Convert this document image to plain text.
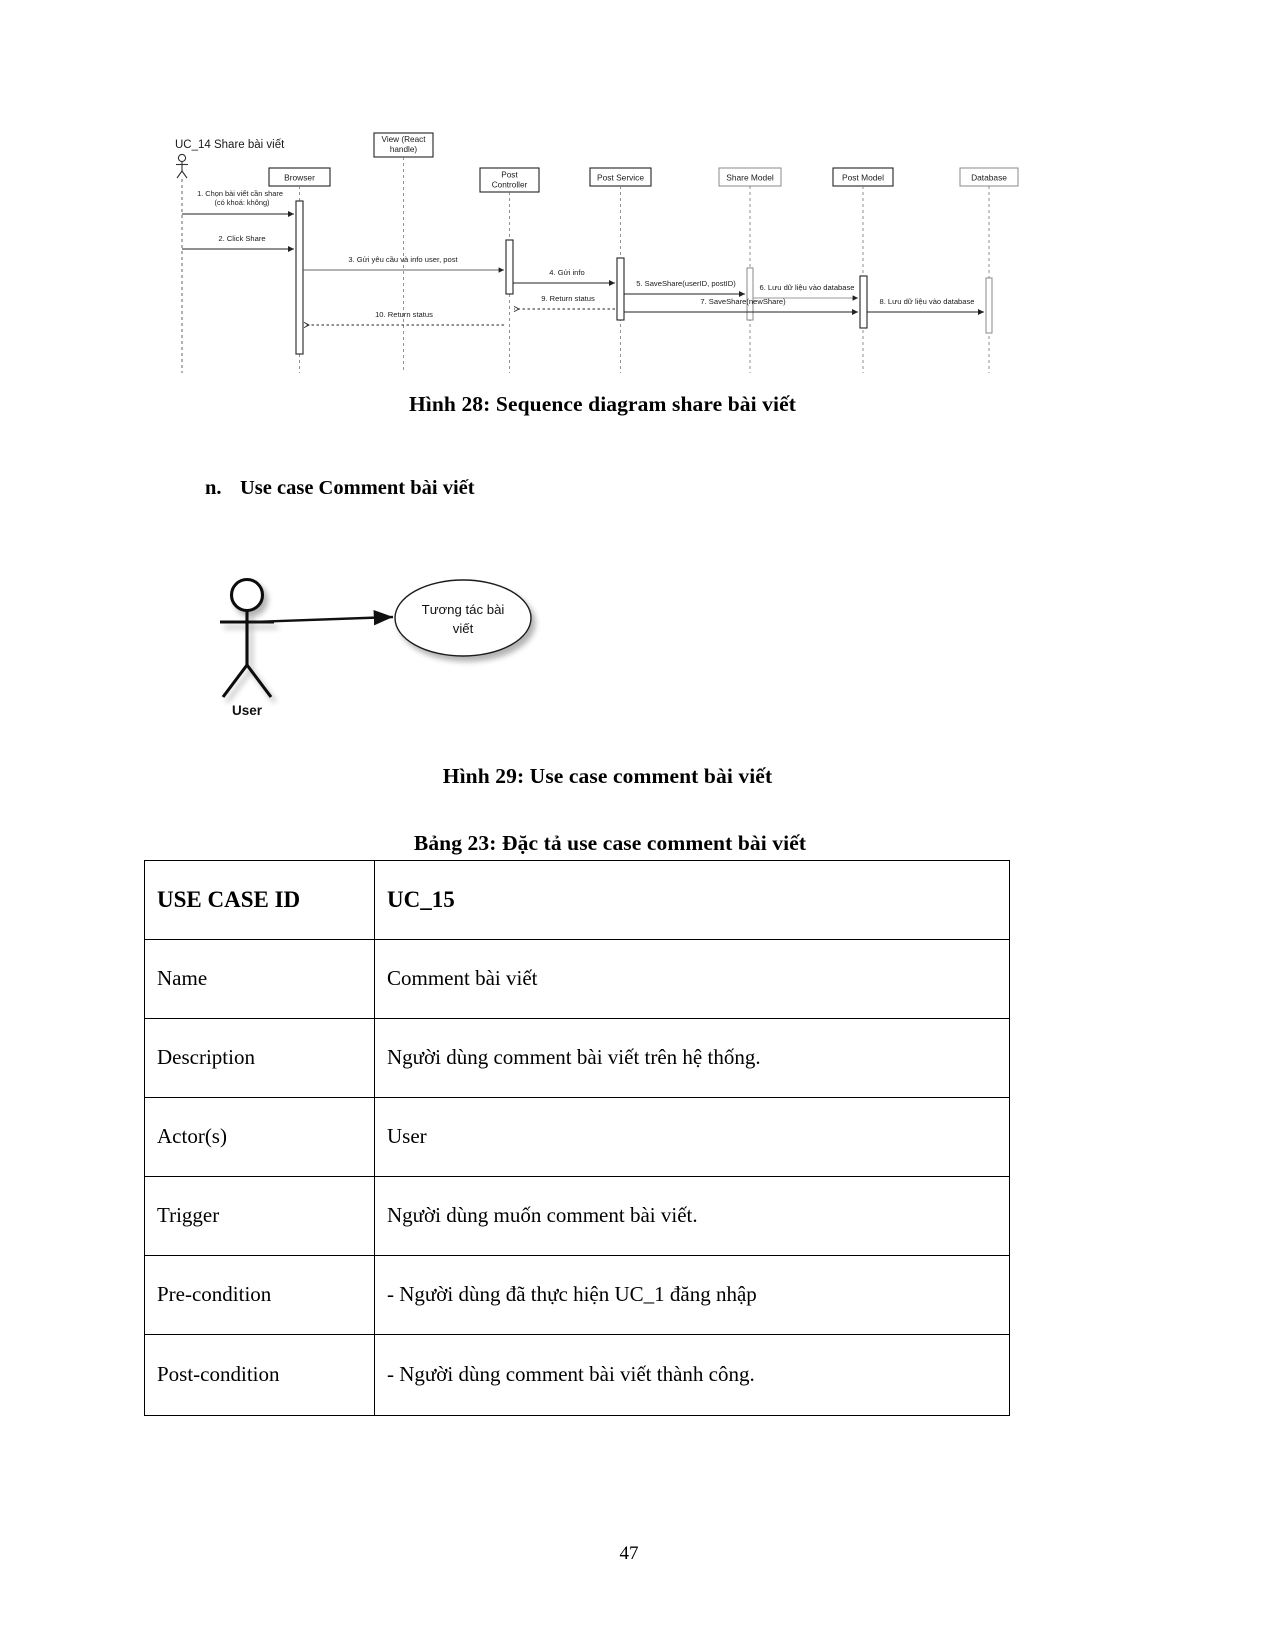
UC_14 Share bài viết
Browser
View (React
handle)
Post
Controller
Post Service	Share Model	Post Model	Database
1. Chọn bài viết cần share
(có khoá: không)
2. Click Share
3. Gửi yêu cầu và info user, post
4. Gửi info
5. SaveShare(userID, postID)	6. Lưu dữ liệu vào database
7. SaveShare(newShare)	8. Lưu dữ liệu vào database
9. Return status
10. Return status
Hình 28: Sequence diagram share bài viết
n. Use case Comment bài viết
User
Tương tác bài
viết
Hình 29: Use case comment bài viết
Bảng 23: Đặc tả use case comment bài viết
USE CASE ID	UC_15
Name	Comment bài viết
Description	Người dùng comment bài viết trên hệ thống.
Actor(s)	User
Trigger	Người dùng muốn comment bài viết.
Pre-condition	- Người dùng đã thực hiện UC_1 đăng nhập
Post-condition	- Người dùng comment bài viết thành công.
47
